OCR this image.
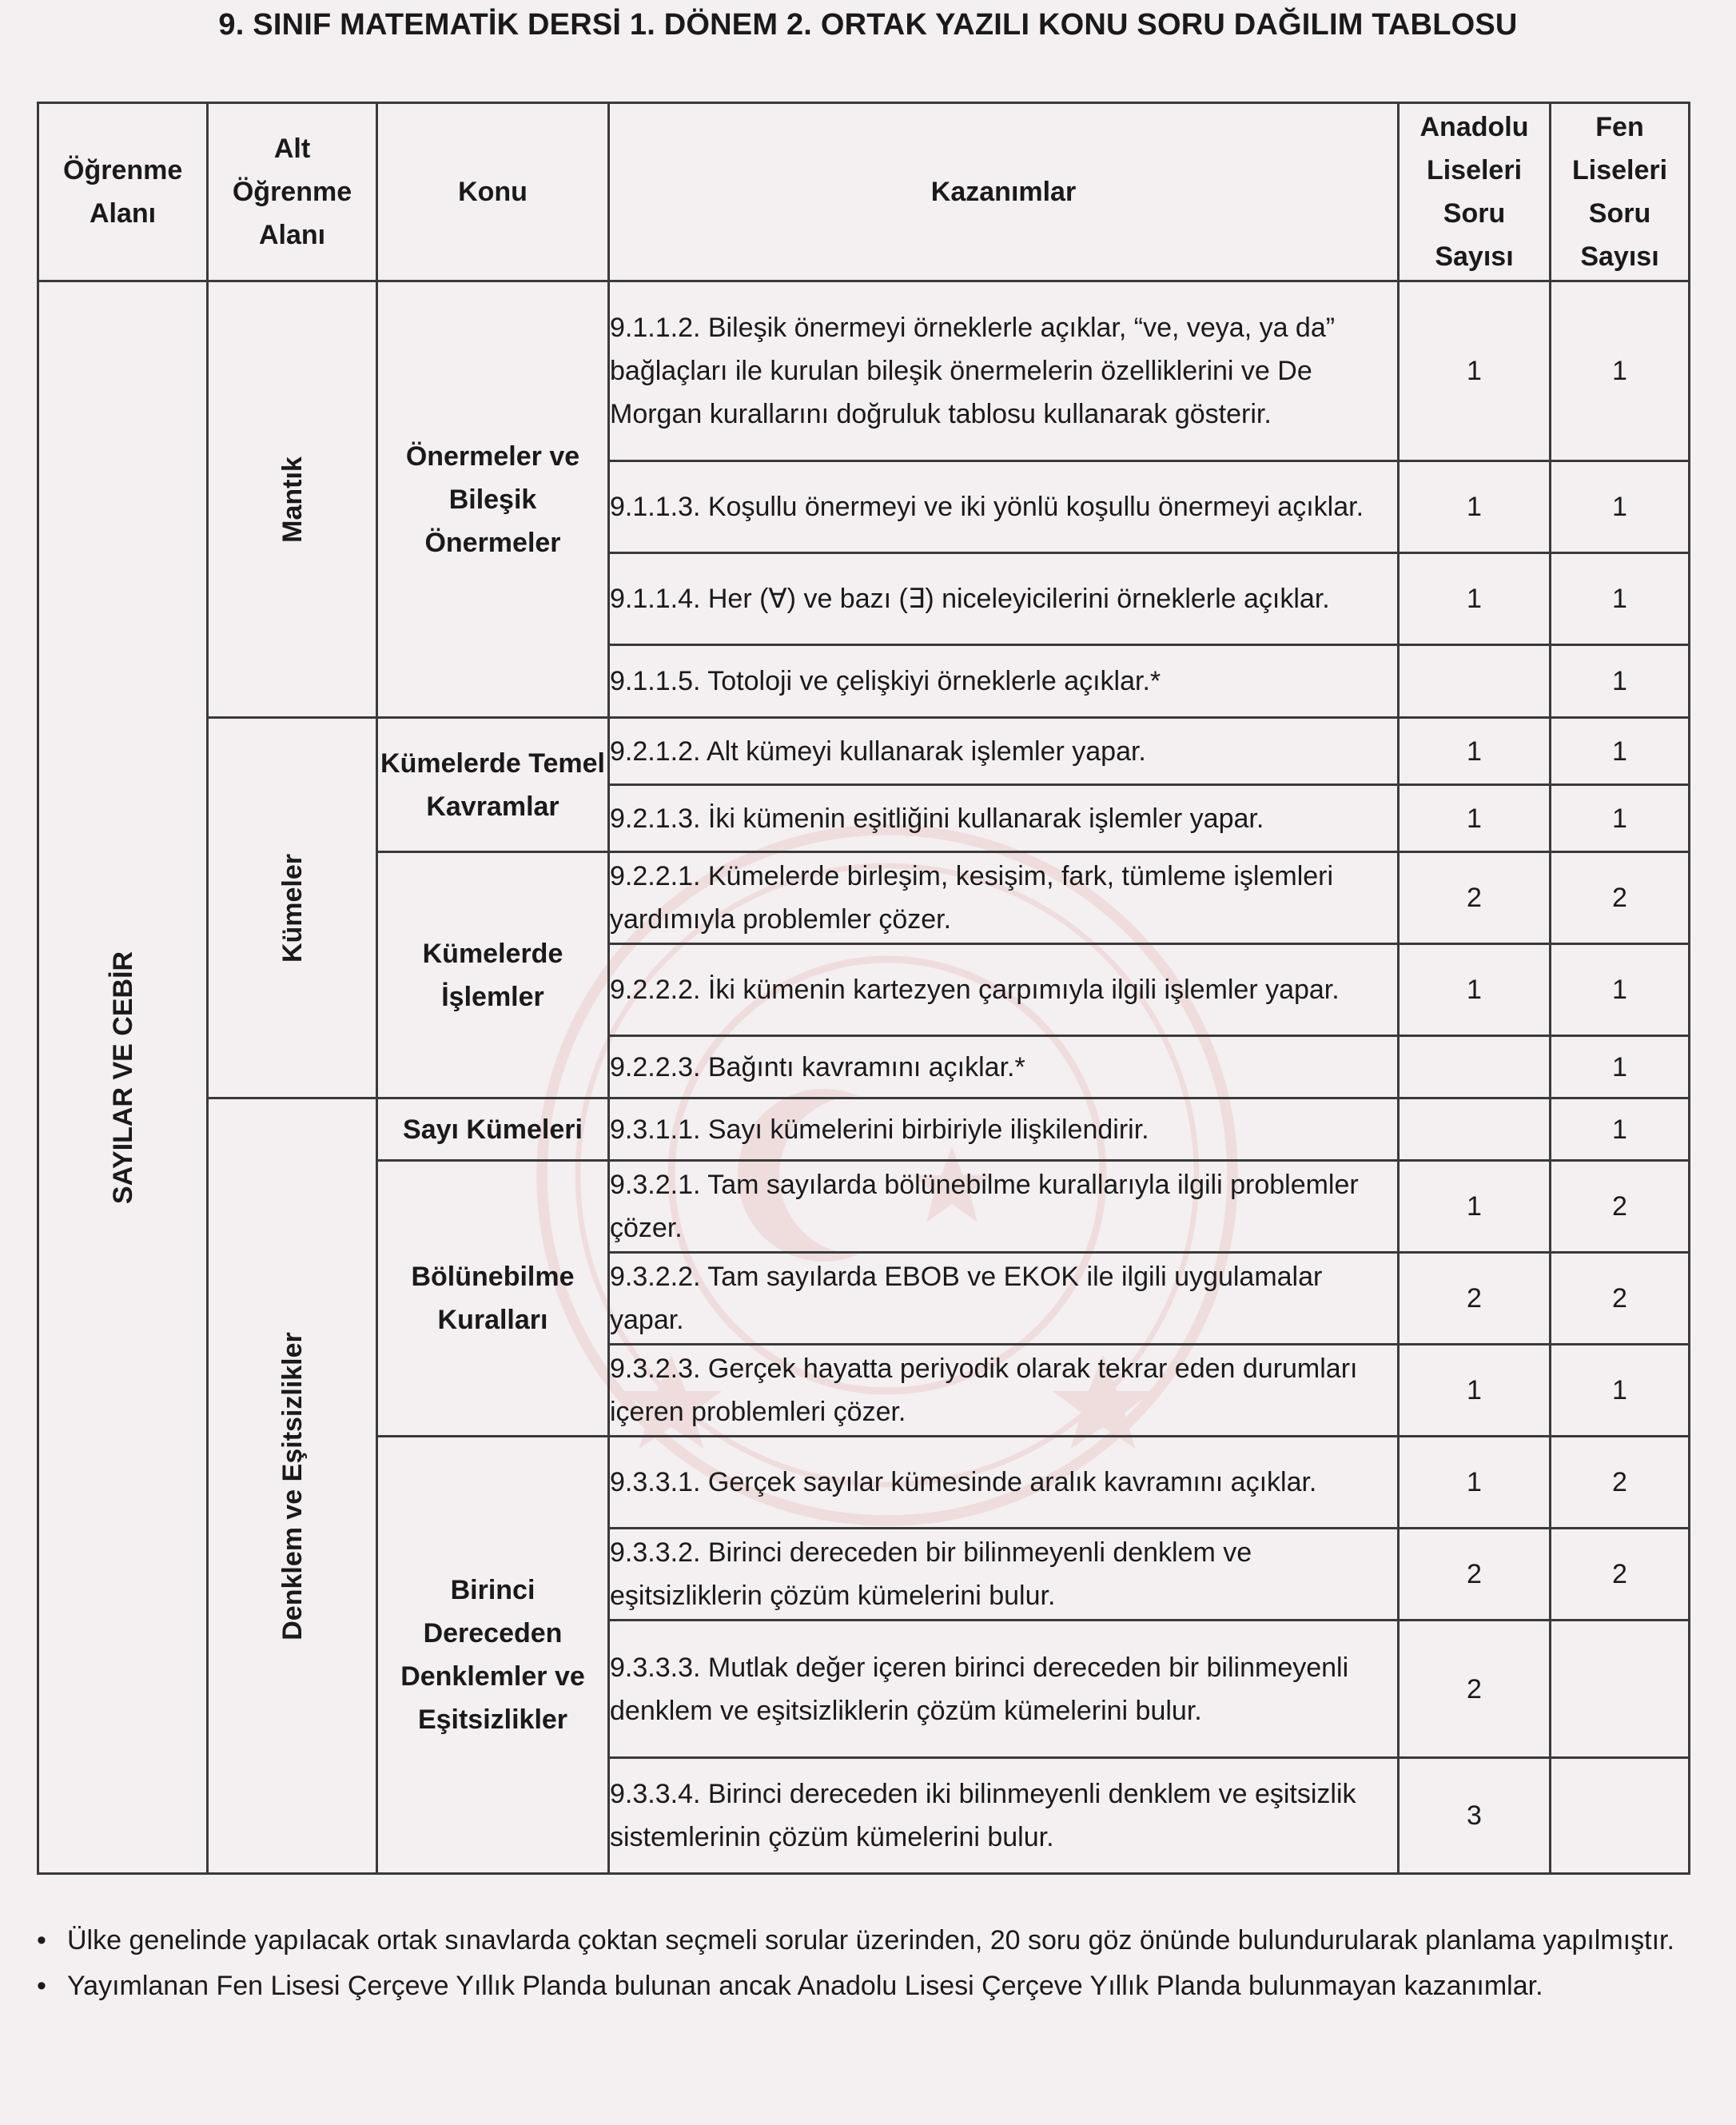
9. SINIF MATEMATİK DERSİ 1. DÖNEM 2. ORTAK YAZILI KONU SORU DAĞILIM TABLOSU
Öğrenme Alanı	Alt Öğrenme Alanı	Konu	Kazanımlar	Anadolu Liseleri Soru Sayısı	Fen Liseleri Soru Sayısı

SAYILAR VE CEBİR	Mantık	Önermeler ve Bileşik Önermeler	9.1.1.2. Bileşik önermeyi örneklerle açıklar, “ve, veya, ya da” bağlaçları ile kurulan bileşik önermelerin özelliklerini ve De Morgan kurallarını doğruluk tablosu kullanarak gösterir.	1	1
			9.1.1.3. Koşullu önermeyi ve iki yönlü koşullu önermeyi açıklar.	1	1
			9.1.1.4. Her (∀) ve bazı (∃) niceleyicilerini örneklerle açıklar.	1	1
			9.1.1.5. Totoloji ve çelişkiyi örneklerle açıklar.*		1

	Kümeler	Kümelerde Temel Kavramlar	9.2.1.2. Alt kümeyi kullanarak işlemler yapar.	1	1
			9.2.1.3. İki kümenin eşitliğini kullanarak işlemler yapar.	1	1
		Kümelerde İşlemler	9.2.2.1. Kümelerde birleşim, kesişim, fark, tümleme işlemleri yardımıyla problemler çözer.	2	2
			9.2.2.2. İki kümenin kartezyen çarpımıyla ilgili işlemler yapar.	1	1
			9.2.2.3. Bağıntı kavramını açıklar.*		1

	Denklem ve Eşitsizlikler	Sayı Kümeleri	9.3.1.1. Sayı kümelerini birbiriyle ilişkilendirir.		1
		Bölünebilme Kuralları	9.3.2.1. Tam sayılarda bölünebilme kurallarıyla ilgili problemler çözer.	1	2
			9.3.2.2. Tam sayılarda EBOB ve EKOK ile ilgili uygulamalar yapar.	2	2
			9.3.2.3. Gerçek hayatta periyodik olarak tekrar eden durumları içeren problemleri çözer.	1	1
		Birinci Dereceden Denklemler ve Eşitsizlikler	9.3.3.1. Gerçek sayılar kümesinde aralık kavramını açıklar.	1	2
			9.3.3.2. Birinci dereceden bir bilinmeyenli denklem ve eşitsizliklerin çözüm kümelerini bulur.	2	2
			9.3.3.3. Mutlak değer içeren birinci dereceden bir bilinmeyenli denklem ve eşitsizliklerin çözüm kümelerini bulur.	2	
			9.3.3.4. Birinci dereceden iki bilinmeyenli denklem ve eşitsizlik sistemlerinin çözüm kümelerini bulur.	3	
• Ülke genelinde yapılacak ortak sınavlarda çoktan seçmeli sorular üzerinden, 20 soru göz önünde bulundurularak planlama yapılmıştır.
• Yayımlanan Fen Lisesi Çerçeve Yıllık Planda bulunan ancak Anadolu Lisesi Çerçeve Yıllık Planda bulunmayan kazanımlar.
